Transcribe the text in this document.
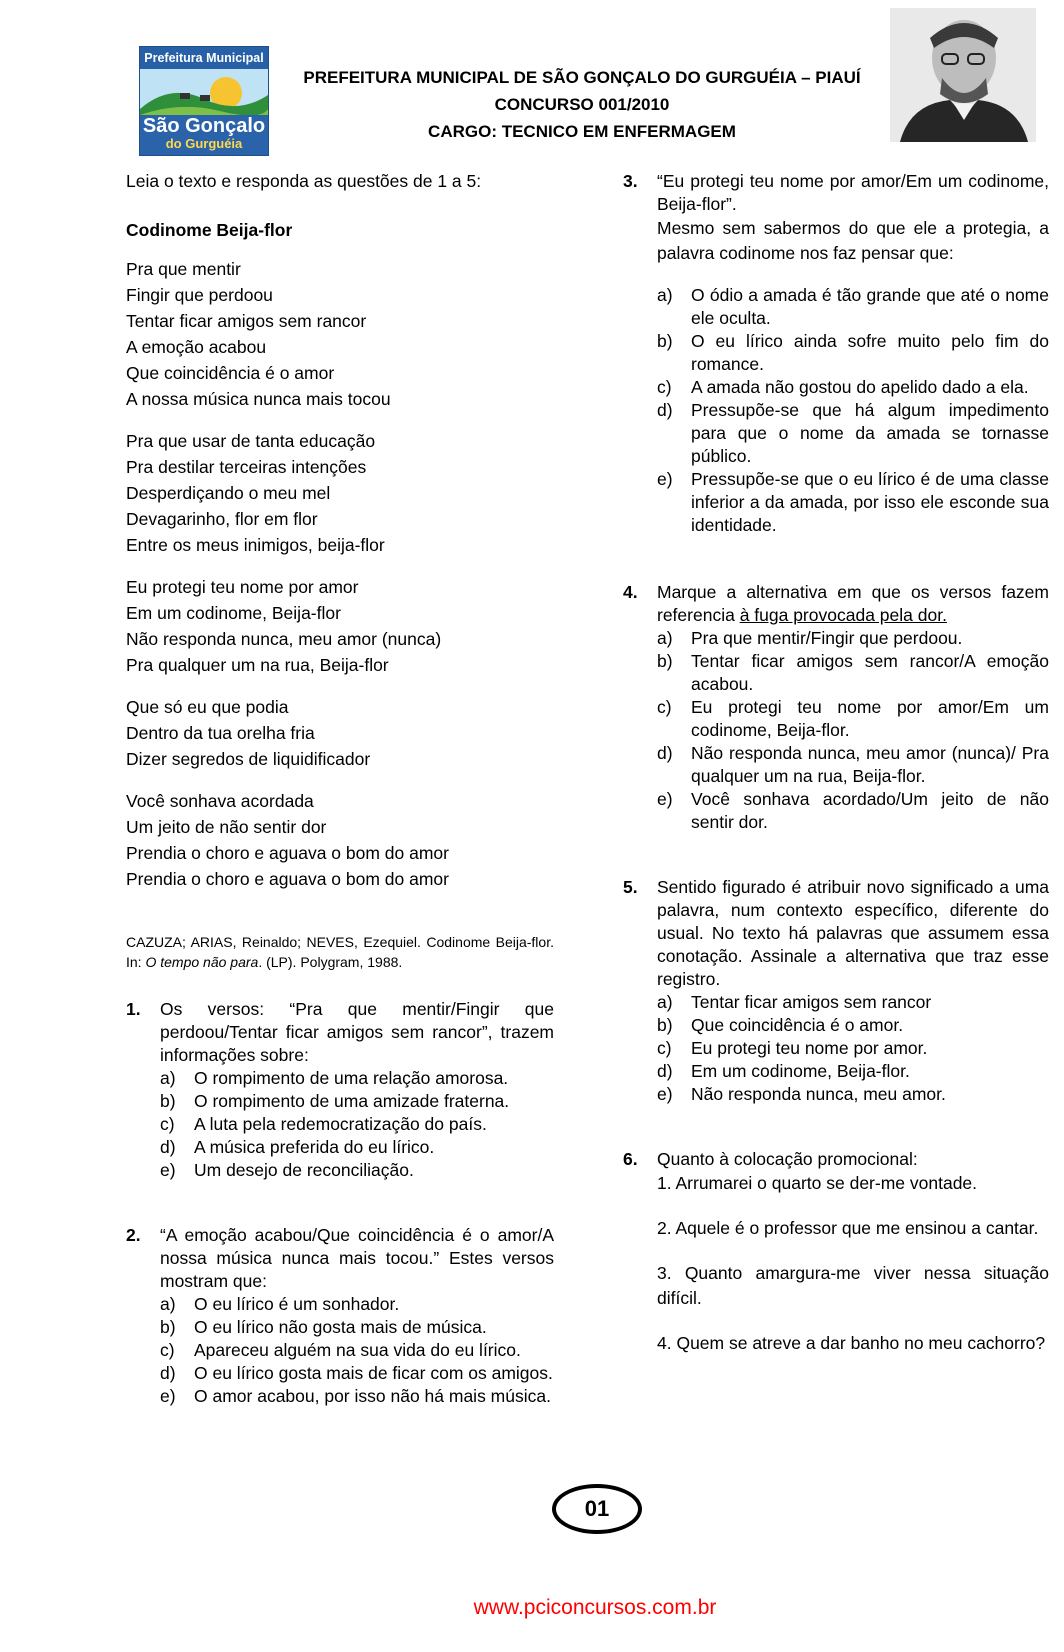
Prefeitura Municipal
São Gonçalo
do Gurguéia
PREFEITURA MUNICIPAL DE SÃO GONÇALO DO GURGUÉIA – PIAUÍ
CONCURSO 001/2010
CARGO: TECNICO EM ENFERMAGEM

Leia o texto e responda as questões de 1 a 5:

Codinome Beija-flor

Pra que mentir
Fingir que perdoou
Tentar ficar amigos sem rancor
A emoção acabou
Que coincidência é o amor
A nossa música nunca mais tocou
Pra que usar de tanta educação
Pra destilar terceiras intenções
Desperdiçando o meu mel
Devagarinho, flor em flor
Entre os meus inimigos, beija-flor
Eu protegi teu nome por amor
Em um codinome, Beija-flor
Não responda nunca, meu amor (nunca)
Pra qualquer um na rua, Beija-flor
Que só eu que podia
Dentro da tua orelha fria
Dizer segredos de liquidificador
Você sonhava acordada
Um jeito de não sentir dor
Prendia o choro e aguava o bom do amor
Prendia o choro e aguava o bom do amor
CAZUZA; ARIAS, Reinaldo; NEVES, Ezequiel. Codinome Beija-flor. In: O tempo não para. (LP). Polygram, 1988.
1. Os versos: “Pra que mentir/Fingir que perdoou/Tentar ficar amigos sem rancor”, trazem informações sobre:
a) O rompimento de uma relação amorosa.
b) O rompimento de uma amizade fraterna.
c) A luta pela redemocratização do país.
d) A música preferida do eu lírico.
e) Um desejo de reconciliação.
2. “A emoção acabou/Que coincidência é o amor/A nossa música nunca mais tocou.” Estes versos mostram que:
a) O eu lírico é um sonhador.
b) O eu lírico não gosta mais de música.
c) Apareceu alguém na sua vida do eu lírico.
d) O eu lírico gosta mais de ficar com os amigos.
e) O amor acabou, por isso não há mais música.
3. “Eu protegi teu nome por amor/Em um codinome, Beija-flor”.
Mesmo sem sabermos do que ele a protegia, a palavra codinome nos faz pensar que:
a) O ódio a amada é tão grande que até o nome ele oculta.
b) O eu lírico ainda sofre muito pelo fim do romance.
c) A amada não gostou do apelido dado a ela.
d) Pressupõe-se que há algum impedimento para que o nome da amada se tornasse público.
e) Pressupõe-se que o eu lírico é de uma classe inferior a da amada, por isso ele esconde sua identidade.
4. Marque a alternativa em que os versos fazem referencia à fuga provocada pela dor.
a) Pra que mentir/Fingir que perdoou.
b) Tentar ficar amigos sem rancor/A emoção acabou.
c) Eu protegi teu nome por amor/Em um codinome, Beija-flor.
d) Não responda nunca, meu amor (nunca)/ Pra qualquer um na rua, Beija-flor.
e) Você sonhava acordado/Um jeito de não sentir dor.
5. Sentido figurado é atribuir novo significado a uma palavra, num contexto específico, diferente do usual. No texto há palavras que assumem essa conotação. Assinale a alternativa que traz esse registro.
a) Tentar ficar amigos sem rancor
b) Que coincidência é o amor.
c) Eu protegi teu nome por amor.
d) Em um codinome, Beija-flor.
e) Não responda nunca, meu amor.
6. Quanto à colocação promocional:
1. Arrumarei o quarto se der-me vontade.
2. Aquele é o professor que me ensinou a cantar.
3. Quanto amargura-me viver nessa situação difícil.
4. Quem se atreve a dar banho no meu cachorro?
01
www.pciconcursos.com.br
